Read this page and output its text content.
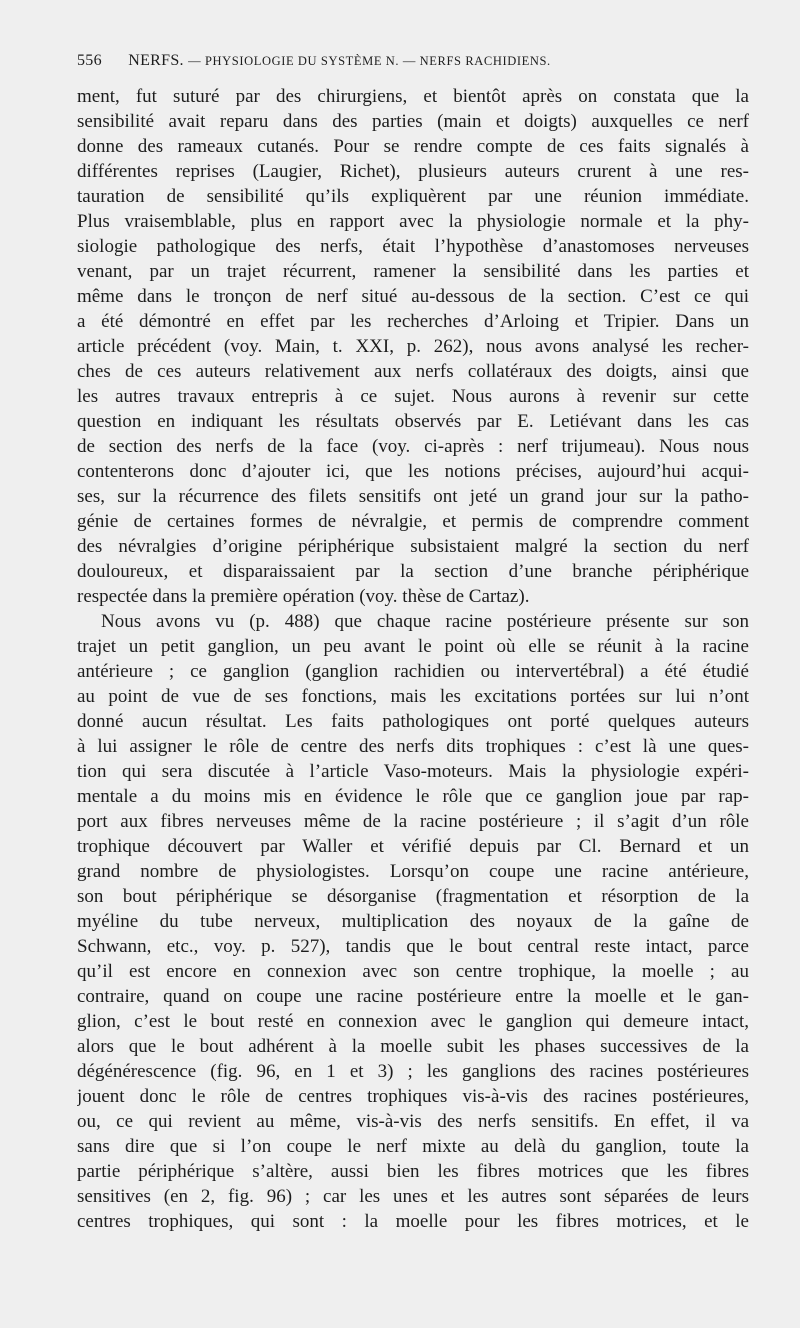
556 NERFS. — PHYSIOLOGIE DU SYSTÈME N. — NERFS RACHIDIENS.
ment, fut suturé par des chirurgiens, et bientôt après on constata que la
sensibilité avait reparu dans des parties (main et doigts) auxquelles ce nerf
donne des rameaux cutanés. Pour se rendre compte de ces faits signalés à
différentes reprises (Laugier, Richet), plusieurs auteurs crurent à une res-
tauration de sensibilité qu’ils expliquèrent par une réunion immédiate.
Plus vraisemblable, plus en rapport avec la physiologie normale et la phy-
siologie pathologique des nerfs, était l’hypothèse d’anastomoses nerveuses
venant, par un trajet récurrent, ramener la sensibilité dans les parties et
même dans le tronçon de nerf situé au-dessous de la section. C’est ce qui
a été démontré en effet par les recherches d’Arloing et Tripier. Dans un
article précédent (voy. Main, t. XXI, p. 262), nous avons analysé les recher-
ches de ces auteurs relativement aux nerfs collatéraux des doigts, ainsi que
les autres travaux entrepris à ce sujet. Nous aurons à revenir sur cette
question en indiquant les résultats observés par E. Letiévant dans les cas
de section des nerfs de la face (voy. ci-après : nerf trijumeau). Nous nous
contenterons donc d’ajouter ici, que les notions précises, aujourd’hui acqui-
ses, sur la récurrence des filets sensitifs ont jeté un grand jour sur la patho-
génie de certaines formes de névralgie, et permis de comprendre comment
des névralgies d’origine périphérique subsistaient malgré la section du nerf
douloureux, et disparaissaient par la section d’une branche périphérique
respectée dans la première opération (voy. thèse de Cartaz).
Nous avons vu (p. 488) que chaque racine postérieure présente sur son
trajet un petit ganglion, un peu avant le point où elle se réunit à la racine
antérieure ; ce ganglion (ganglion rachidien ou intervertébral) a été étudié
au point de vue de ses fonctions, mais les excitations portées sur lui n’ont
donné aucun résultat. Les faits pathologiques ont porté quelques auteurs
à lui assigner le rôle de centre des nerfs dits trophiques : c’est là une ques-
tion qui sera discutée à l’article Vaso-moteurs. Mais la physiologie expéri-
mentale a du moins mis en évidence le rôle que ce ganglion joue par rap-
port aux fibres nerveuses même de la racine postérieure ; il s’agit d’un rôle
trophique découvert par Waller et vérifié depuis par Cl. Bernard et un
grand nombre de physiologistes. Lorsqu’on coupe une racine antérieure,
son bout périphérique se désorganise (fragmentation et résorption de la
myéline du tube nerveux, multiplication des noyaux de la gaîne de
Schwann, etc., voy. p. 527), tandis que le bout central reste intact, parce
qu’il est encore en connexion avec son centre trophique, la moelle ; au
contraire, quand on coupe une racine postérieure entre la moelle et le gan-
glion, c’est le bout resté en connexion avec le ganglion qui demeure intact,
alors que le bout adhérent à la moelle subit les phases successives de la
dégénérescence (fig. 96, en 1 et 3) ; les ganglions des racines postérieures
jouent donc le rôle de centres trophiques vis-à-vis des racines postérieures,
ou, ce qui revient au même, vis-à-vis des nerfs sensitifs. En effet, il va
sans dire que si l’on coupe le nerf mixte au delà du ganglion, toute la
partie périphérique s’altère, aussi bien les fibres motrices que les fibres
sensitives (en 2, fig. 96) ; car les unes et les autres sont séparées de leurs
centres trophiques, qui sont : la moelle pour les fibres motrices, et le
